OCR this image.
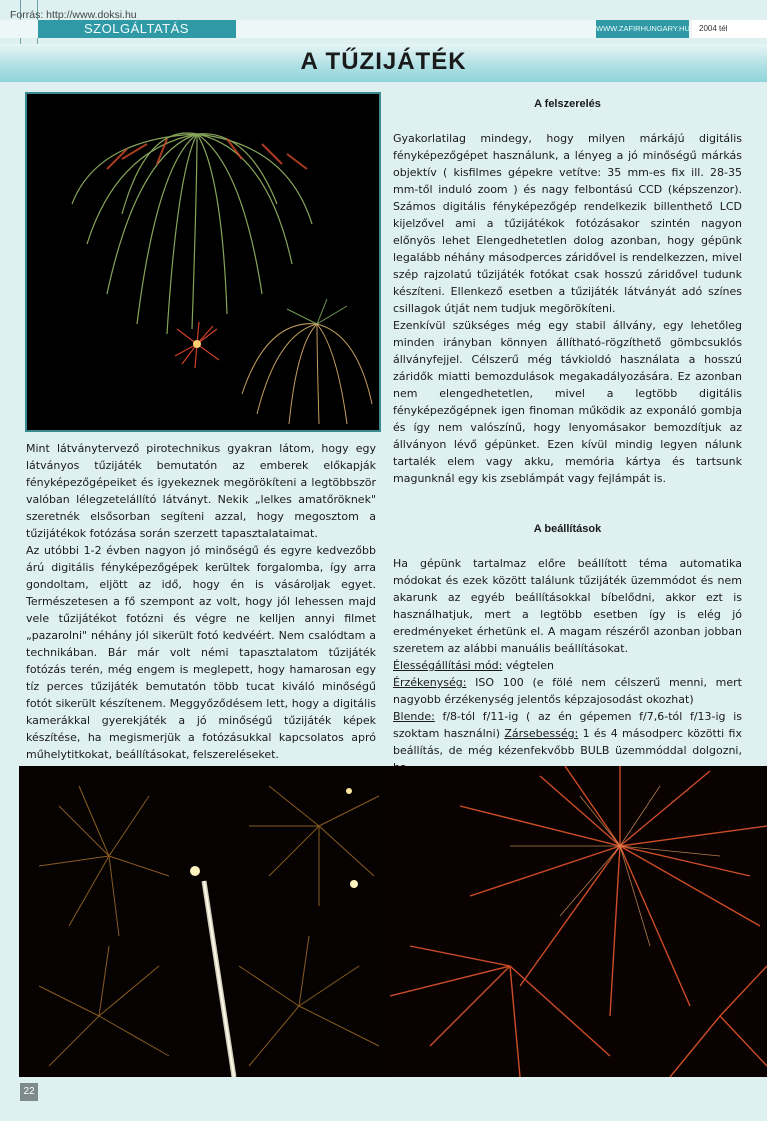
Forrás: http://www.doksi.hu
SZOLGÁLTATÁS	WWW.ZAFIRHUNGARY.HU	2004 tél
A TŰZIJÁTÉK

Mint látványtervező pirotechnikus gyakran látom, hogy egy látványos tűzijáték bemutatón az emberek előkapják fényképezőgépeiket és igyekeznek megörökíteni a legtöbbször valóban lélegzetelállító látványt. Nekik „lelkes amatőröknek" szeretnék elsősorban segíteni azzal, hogy megosztom a tűzijátékok fotózása során szerzett tapasztalataimat.

Az utóbbi 1-2 évben nagyon jó minőségű és egyre kedvezőbb árú digitális fényképezőgépek kerültek forgalomba, így arra gondoltam, eljött az idő, hogy én is vásároljak egyet. Természetesen a fő szempont az volt, hogy jól lehessen majd vele tűzijátékot fotózni és végre ne kelljen annyi filmet „pazarolni" néhány jól sikerült fotó kedvéért. Nem csalódtam a technikában. Bár már volt némi tapasztalatom tűzijáték fotózás terén, még engem is meglepett, hogy hamarosan egy tíz perces tűzijáték bemutatón több tucat kiváló minőségű fotót sikerült készítenem. Meggyőződésem lett, hogy a digitális kamerákkal gyerekjáték a jó minőségű tűzijáték képek készítése, ha megismerjük a fotózásukkal kapcsolatos apró műhelytitkokat, beállításokat, felszereléseket.

A felszerelés

Gyakorlatilag mindegy, hogy milyen márkájú digitális fényképezőgépet használunk, a lényeg a jó minőségű márkás objektív ( kisfilmes gépekre vetítve: 35 mm-es fix ill. 28-35 mm-től induló zoom ) és nagy felbontású CCD (képszenzor). Számos digitális fényképezőgép rendelkezik billenthető LCD kijelzővel ami a tűzijátékok fotózásakor szintén nagyon előnyös lehet Elengedhetetlen dolog azonban, hogy gépünk legalább néhány másodperces záridővel is rendelkezzen, mivel szép rajzolatú tűzijáték fotókat csak hosszú záridővel tudunk készíteni. Ellenkező esetben a tűzijáték látványát adó színes csillagok útját nem tudjuk megörökíteni.

Ezenkívül szükséges még egy stabil állvány, egy lehetőleg minden irányban könnyen állítható-rögzíthető gömbcsuklós állványfejjel. Célszerű még távkioldó használata a hosszú záridők miatti bemozdulások megakadályozására. Ez azonban nem elengedhetetlen, mivel a legtöbb digitális fényképezőgépnek igen finoman működik az exponáló gombja és így nem valószínű, hogy lenyomásakor bemozdítjuk az állványon lévő gépünket. Ezen kívül mindig legyen nálunk tartalék elem vagy akku, memória kártya és tartsunk magunknál egy kis zseblámpát vagy fejlámpát is.

A beállítások

Ha gépünk tartalmaz előre beállított téma automatika módokat és ezek között találunk tűzijáték üzemmódot és nem akarunk az egyéb beállításokkal bíbelődni, akkor ezt is használhatjuk, mert a legtöbb esetben így is elég jó eredményeket érhetünk el. A magam részéről azonban jobban szeretem az alábbi manuális beállításokat.

Élességállítási mód: végtelen

Érzékenység: ISO 100 (e fölé nem célszerű menni, mert nagyobb érzékenység jelentős képzajosodást okozhat)

Blende: f/8-tól f/11-ig ( az én gépemen f/7,6-tól f/13-ig is szoktam használni) Zársebesség: 1 és 4 másodperc közötti fix beállítás, de még kézenfekvőbb BULB üzemmóddal dolgozni,

22
